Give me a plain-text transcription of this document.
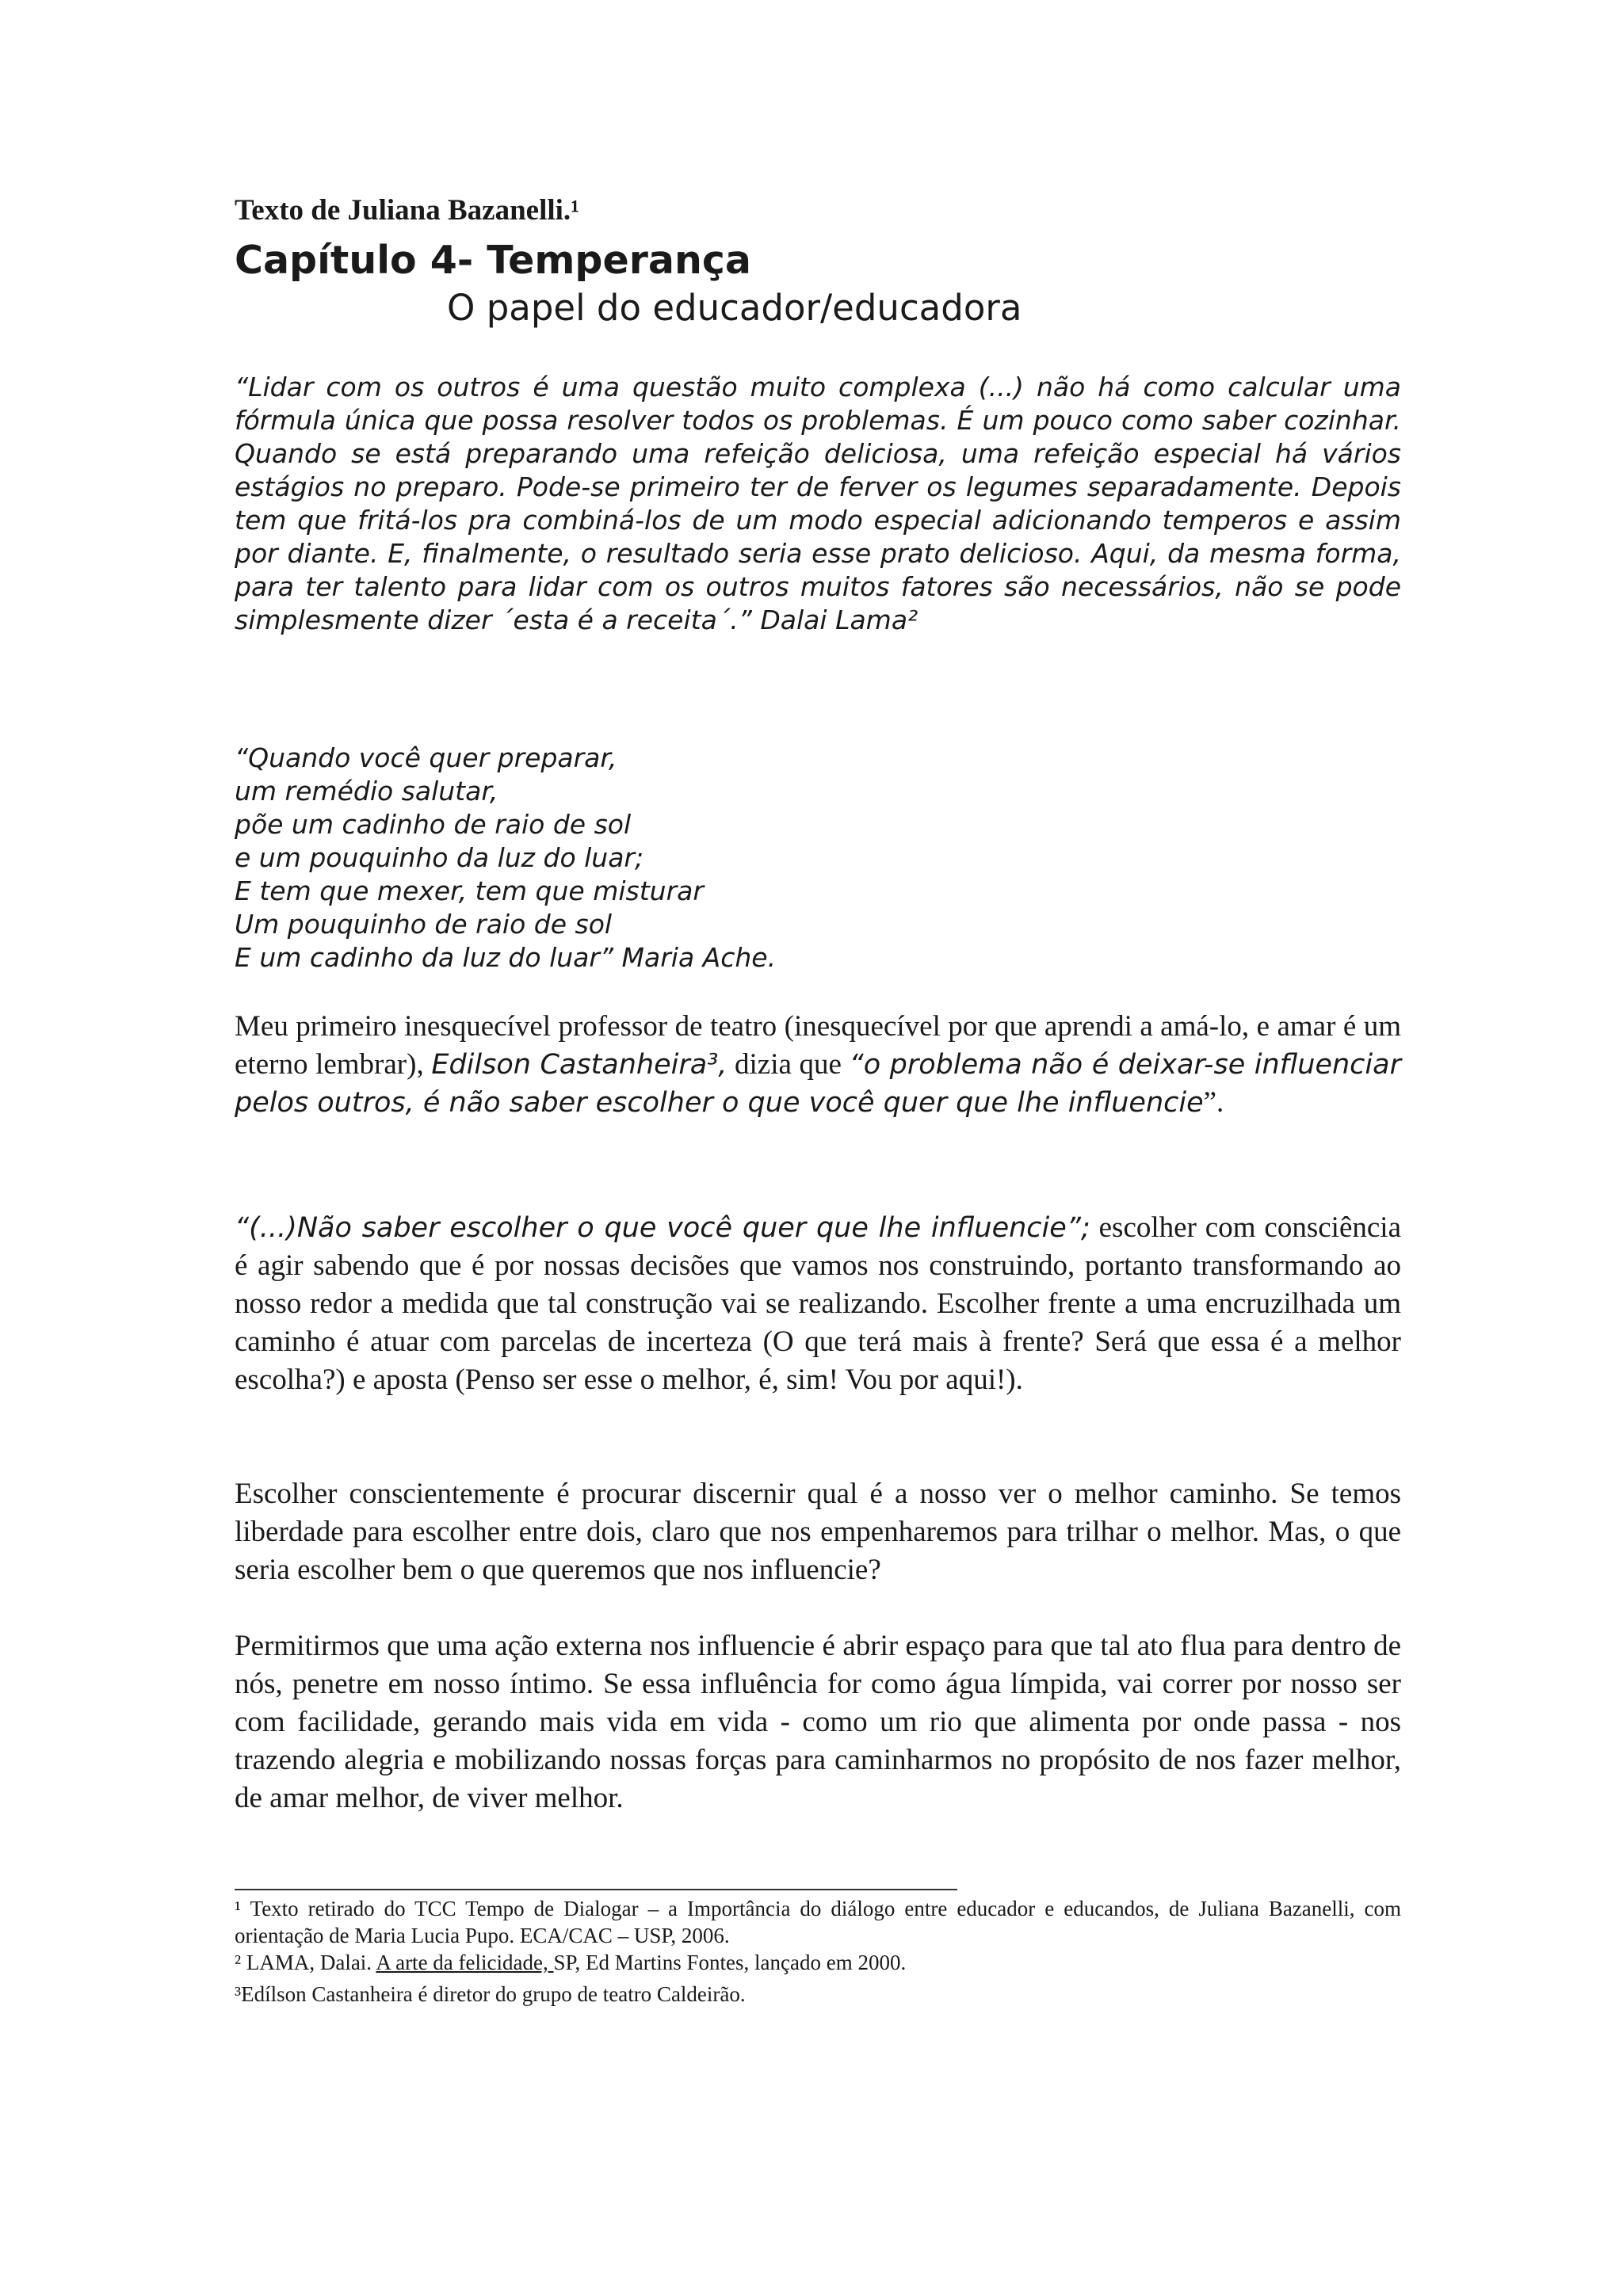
Texto de Juliana Bazanelli.¹
Capítulo 4- Temperança
O papel do educador/educadora

“Lidar com os outros é uma questão muito complexa (...) não há como calcular uma fórmula única que possa resolver todos os problemas. É um pouco como saber cozinhar. Quando se está preparando uma refeição deliciosa, uma refeição especial há vários estágios no preparo. Pode-se primeiro ter de ferver os legumes separadamente. Depois tem que fritá-los pra combiná-los de um modo especial adicionando temperos e assim por diante. E, finalmente, o resultado seria esse prato delicioso. Aqui, da mesma forma, para ter talento para lidar com os outros muitos fatores são necessários, não se pode simplesmente dizer ´esta é a receita´.” Dalai Lama²

“Quando você quer preparar,
um remédio salutar,
põe um cadinho de raio de sol
e um pouquinho da luz do luar;
E tem que mexer, tem que misturar
Um pouquinho de raio de sol
E um cadinho da luz do luar” Maria Ache.

Meu primeiro inesquecível professor de teatro (inesquecível por que aprendi a amá-lo, e amar é um eterno lembrar), Edilson Castanheira³, dizia que “o problema não é deixar-se influenciar pelos outros, é não saber escolher o que você quer que lhe influencie”.

“(...)Não saber escolher o que você quer que lhe influencie”; escolher com consciência é agir sabendo que é por nossas decisões que vamos nos construindo, portanto transformando ao nosso redor a medida que tal construção vai se realizando. Escolher frente a uma encruzilhada um caminho é atuar com parcelas de incerteza (O que terá mais à frente? Será que essa é a melhor escolha?) e aposta (Penso ser esse o melhor, é, sim! Vou por aqui!).

Escolher conscientemente é procurar discernir qual é a nosso ver o melhor caminho. Se temos liberdade para escolher entre dois, claro que nos empenharemos para trilhar o melhor. Mas, o que seria escolher bem o que queremos que nos influencie?

Permitirmos que uma ação externa nos influencie é abrir espaço para que tal ato flua para dentro de nós, penetre em nosso íntimo. Se essa influência for como água límpida, vai correr por nosso ser com facilidade, gerando mais vida em vida - como um rio que alimenta por onde passa - nos trazendo alegria e mobilizando nossas forças para caminharmos no propósito de nos fazer melhor, de amar melhor, de viver melhor.

¹ Texto retirado do TCC Tempo de Dialogar – a Importância do diálogo entre educador e educandos, de Juliana Bazanelli, com orientação de Maria Lucia Pupo. ECA/CAC – USP, 2006.

² LAMA, Dalai. A arte da felicidade, SP, Ed Martins Fontes, lançado em 2000.

³Edílson Castanheira é diretor do grupo de teatro Caldeirão.
